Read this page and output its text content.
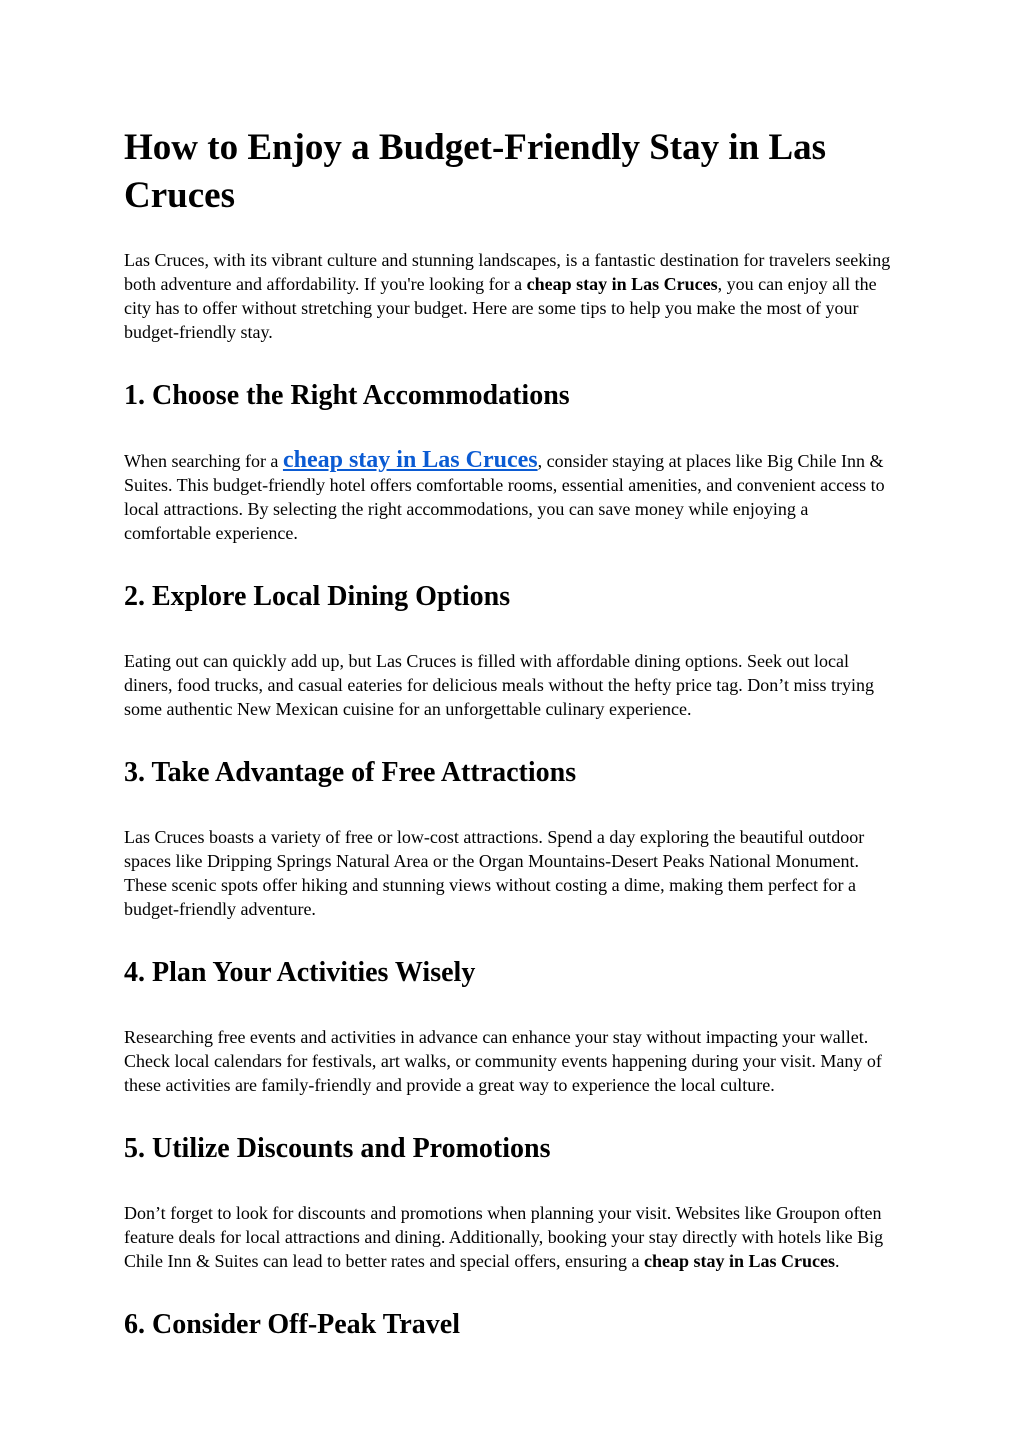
How to Enjoy a Budget-Friendly Stay in Las Cruces

Las Cruces, with its vibrant culture and stunning landscapes, is a fantastic destination for travelers seeking both adventure and affordability. If you're looking for a cheap stay in Las Cruces, you can enjoy all the city has to offer without stretching your budget. Here are some tips to help you make the most of your budget-friendly stay.

1. Choose the Right Accommodations

When searching for a cheap stay in Las Cruces, consider staying at places like Big Chile Inn & Suites. This budget-friendly hotel offers comfortable rooms, essential amenities, and convenient access to local attractions. By selecting the right accommodations, you can save money while enjoying a comfortable experience.

2. Explore Local Dining Options

Eating out can quickly add up, but Las Cruces is filled with affordable dining options. Seek out local diners, food trucks, and casual eateries for delicious meals without the hefty price tag. Don’t miss trying some authentic New Mexican cuisine for an unforgettable culinary experience.

3. Take Advantage of Free Attractions

Las Cruces boasts a variety of free or low-cost attractions. Spend a day exploring the beautiful outdoor spaces like Dripping Springs Natural Area or the Organ Mountains-Desert Peaks National Monument. These scenic spots offer hiking and stunning views without costing a dime, making them perfect for a budget-friendly adventure.

4. Plan Your Activities Wisely

Researching free events and activities in advance can enhance your stay without impacting your wallet. Check local calendars for festivals, art walks, or community events happening during your visit. Many of these activities are family-friendly and provide a great way to experience the local culture.

5. Utilize Discounts and Promotions

Don’t forget to look for discounts and promotions when planning your visit. Websites like Groupon often feature deals for local attractions and dining. Additionally, booking your stay directly with hotels like Big Chile Inn & Suites can lead to better rates and special offers, ensuring a cheap stay in Las Cruces.

6. Consider Off-Peak Travel
